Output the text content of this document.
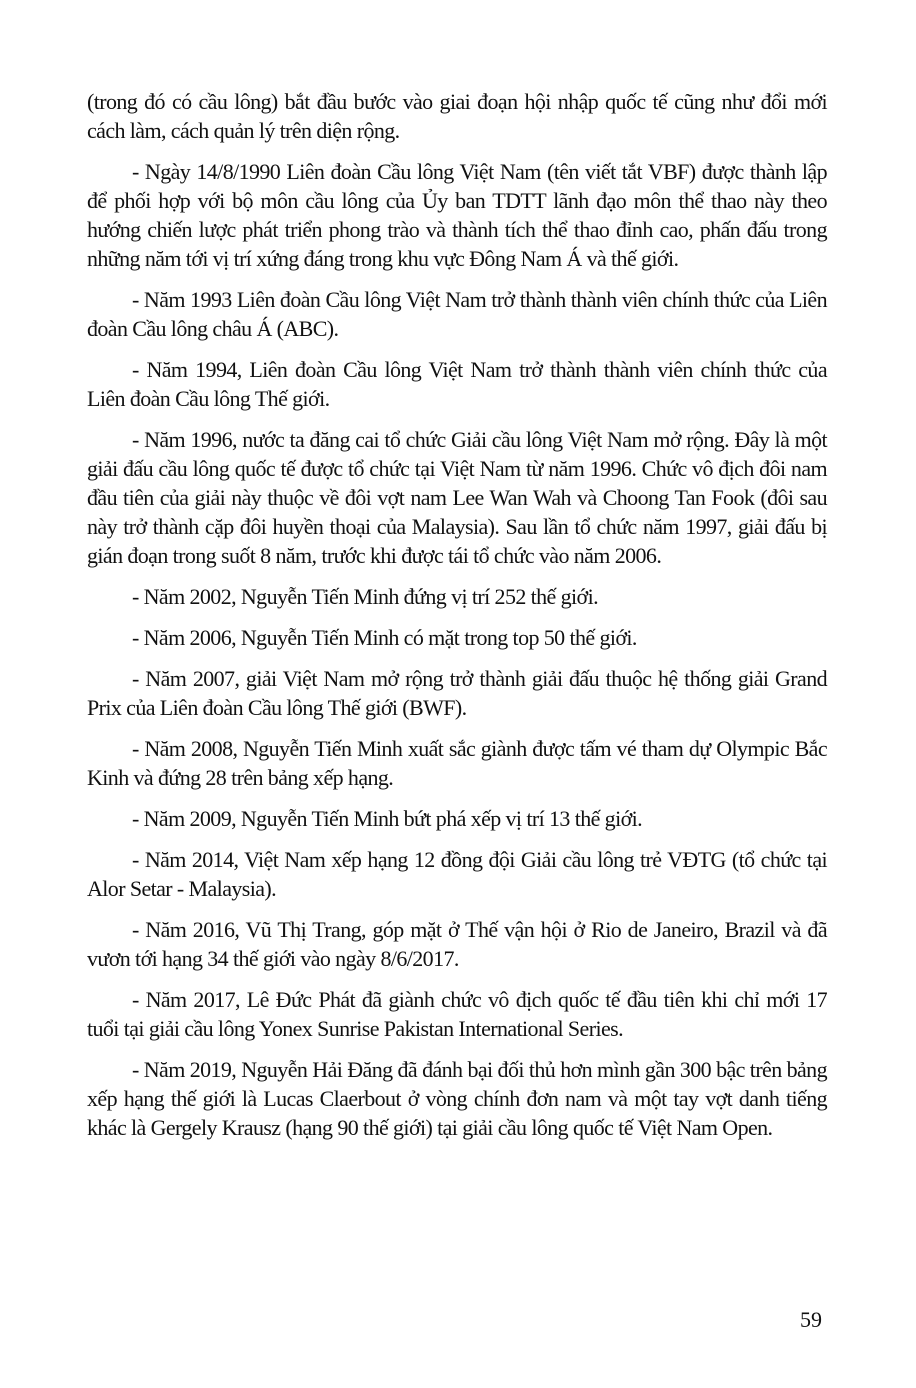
(trong đó có cầu lông) bắt đầu bước vào giai đoạn hội nhập quốc tế cũng như đổi mới cách làm, cách quản lý trên diện rộng.

- Ngày 14/8/1990 Liên đoàn Cầu lông Việt Nam (tên viết tắt VBF) được thành lập để phối hợp với bộ môn cầu lông của Ủy ban TDTT lãnh đạo môn thể thao này theo hướng chiến lược phát triển phong trào và thành tích thể thao đỉnh cao, phấn đấu trong những năm tới vị trí xứng đáng trong khu vực Đông Nam Á và thế giới.

- Năm 1993 Liên đoàn Cầu lông Việt Nam trở thành thành viên chính thức của Liên đoàn Cầu lông châu Á (ABC).

- Năm 1994, Liên đoàn Cầu lông Việt Nam trở thành thành viên chính thức của Liên đoàn Cầu lông Thế giới.

- Năm 1996, nước ta đăng cai tổ chức Giải cầu lông Việt Nam mở rộng. Đây là một giải đấu cầu lông quốc tế được tổ chức tại Việt Nam từ năm 1996. Chức vô địch đôi nam đầu tiên của giải này thuộc về đôi vợt nam Lee Wan Wah và Choong Tan Fook (đôi sau này trở thành cặp đôi huyền thoại của Malaysia). Sau lần tổ chức năm 1997, giải đấu bị gián đoạn trong suốt 8 năm, trước khi được tái tổ chức vào năm 2006.

- Năm 2002, Nguyễn Tiến Minh đứng vị trí 252 thế giới.

- Năm 2006, Nguyễn Tiến Minh có mặt trong top 50 thế giới.

- Năm 2007, giải Việt Nam mở rộng trở thành giải đấu thuộc hệ thống giải Grand Prix của Liên đoàn Cầu lông Thế giới (BWF).

- Năm 2008, Nguyễn Tiến Minh xuất sắc giành được tấm vé tham dự Olympic Bắc Kinh và đứng 28 trên bảng xếp hạng.

- Năm 2009, Nguyễn Tiến Minh bứt phá xếp vị trí 13 thế giới.

- Năm 2014, Việt Nam xếp hạng 12 đồng đội Giải cầu lông trẻ VĐTG (tổ chức tại Alor Setar - Malaysia).

- Năm 2016, Vũ Thị Trang, góp mặt ở Thế vận hội ở Rio de Janeiro, Brazil và đã vươn tới hạng 34 thế giới vào ngày 8/6/2017.

- Năm 2017, Lê Đức Phát đã giành chức vô địch quốc tế đầu tiên khi chỉ mới 17 tuổi tại giải cầu lông Yonex Sunrise Pakistan International Series.

- Năm 2019, Nguyễn Hải Đăng đã đánh bại đối thủ hơn mình gần 300 bậc trên bảng xếp hạng thế giới là Lucas Claerbout ở vòng chính đơn nam và một tay vợt danh tiếng khác là Gergely Krausz (hạng 90 thế giới) tại giải cầu lông quốc tế Việt Nam Open.

59
